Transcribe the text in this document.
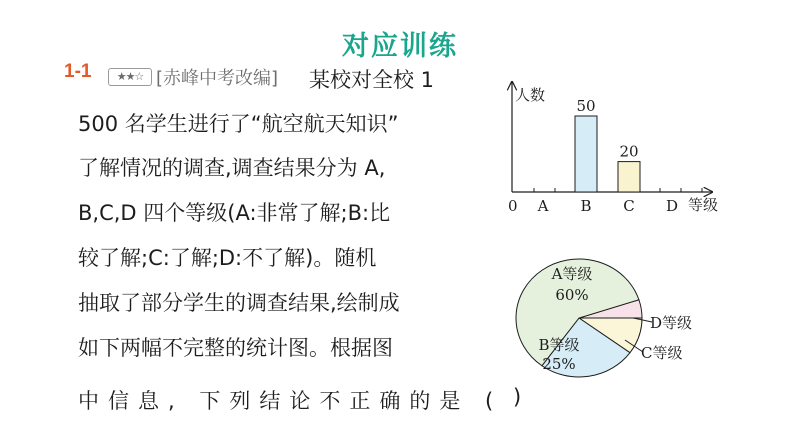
对应训练
1-1	★★☆ [赤峰中考改编] 某校对全校 1
500 名学生进行了“航空航天知识”
了解情况的调查,调查结果分为 A,
B,C,D 四个等级(A:非常了解;B:比
较了解;C:了解;D:不了解)。随机
抽取了部分学生的调查结果,绘制成
如下两幅不完整的统计图。根据图
中信息, 下列结论不正确的是 ( )
人数
等级
0 A B
50
C
20
D
A等级
60%
B等级
25%
D等级
C等级
